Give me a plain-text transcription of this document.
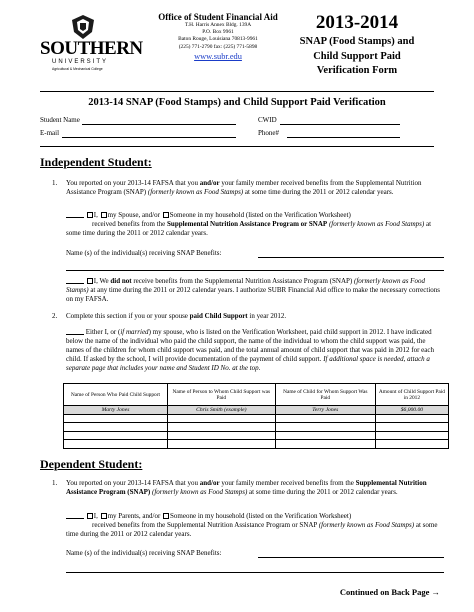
SOUTHERN
UNIVERSITY
Agricultural & Mechanical College
Office of Student Financial Aid
T.H. Harris Annex Bldg. 139A
P.O. Box 9961
Baton Rouge, Louisiana 70813-9961
(225) 771-2790 fax: (225) 771-5898
www.subr.edu
2013-2014
SNAP (Food Stamps) and
Child Support Paid
Verification Form
2013-14 SNAP (Food Stamps) and Child Support Paid Verification
Student Name	CWID
E-mail	Phone#
Independent Student:
1. You reported on your 2013-14 FAFSA that you and/or your family member received benefits from the Supplemental Nutrition Assistance Program (SNAP) (formerly known as Food Stamps) at some time during the 2011 or 2012 calendar years.
I, my Spouse, and/or Someone in my household (listed on the Verification Worksheet)
received benefits from the Supplemental Nutrition Assistance Program or SNAP (formerly known as Food Stamps) at some time during the 2011 or 2012 calendar years.
Name (s) of the individual(s) receiving SNAP Benefits:
I, We did not receive benefits from the Supplemental Nutrition Assistance Program (SNAP) (formerly known as Food Stamps) at any time during the 2011 or 2012 calendar years. I authorize SUBR Financial Aid office to make the necessary corrections on my FAFSA.
2. Complete this section if you or your spouse paid Child Support in year 2012.
Either I, or (if married) my spouse, who is listed on the Verification Worksheet, paid child support in 2012. I have indicated below the name of the individual who paid the child support, the name of the individual to whom the child support was paid, the names of the children for whom child support was paid, and the total annual amount of child support that was paid in 2012 for each child. If asked by the school, I will provide documentation of the payment of child support. If additional space is needed, attach a separate page that includes your name and Student ID No. at the top.
Name of Person Who Paid Child Support	Name of Person to Whom Child Support was Paid	Name of Child for Whom Support Was Paid	Amount of Child Support Paid in 2012
Marty Jones	Chris Smith (example)	Terry Jones	$6,000.00

Dependent Student:
1. You reported on your 2013-14 FAFSA that you and/or your family member received benefits from the Supplemental Nutrition Assistance Program (SNAP) (formerly known as Food Stamps) at some time during the 2011 or 2012 calendar years.
I, my Parents, and/or Someone in my household (listed on the Verification Worksheet)
received benefits from the Supplemental Nutrition Assistance Program or SNAP (formerly known as Food Stamps) at some time during the 2011 or 2012 calendar years.
Name (s) of the individual(s) receiving SNAP Benefits:
Continued on Back Page →
